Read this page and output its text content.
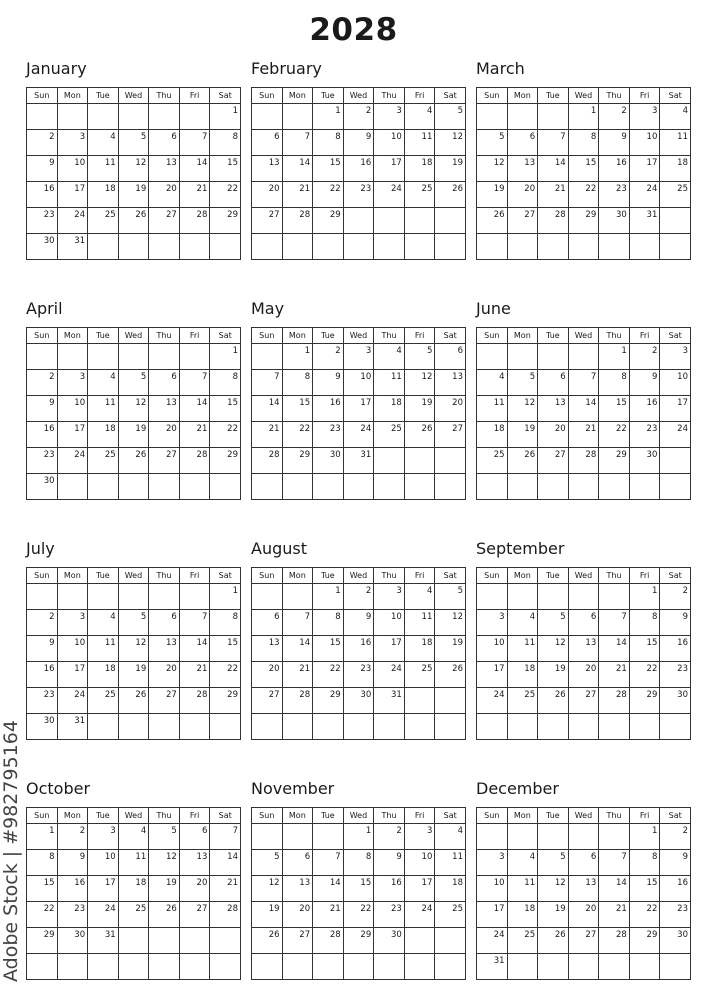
2028
January
Sun	Mon	Tue	Wed	Thu	Fri	Sat
						1
2	3	4	5	6	7	8
9	10	11	12	13	14	15
16	17	18	19	20	21	22
23	24	25	26	27	28	29
30	31					
February
Sun	Mon	Tue	Wed	Thu	Fri	Sat
		1	2	3	4	5
6	7	8	9	10	11	12
13	14	15	16	17	18	19
20	21	22	23	24	25	26
27	28	29				

March
Sun	Mon	Tue	Wed	Thu	Fri	Sat
			1	2	3	4
5	6	7	8	9	10	11
12	13	14	15	16	17	18
19	20	21	22	23	24	25
26	27	28	29	30	31	

April
Sun	Mon	Tue	Wed	Thu	Fri	Sat
						1
2	3	4	5	6	7	8
9	10	11	12	13	14	15
16	17	18	19	20	21	22
23	24	25	26	27	28	29
30						
May
Sun	Mon	Tue	Wed	Thu	Fri	Sat
	1	2	3	4	5	6
7	8	9	10	11	12	13
14	15	16	17	18	19	20
21	22	23	24	25	26	27
28	29	30	31			

June
Sun	Mon	Tue	Wed	Thu	Fri	Sat
				1	2	3
4	5	6	7	8	9	10
11	12	13	14	15	16	17
18	19	20	21	22	23	24
25	26	27	28	29	30	

July
Sun	Mon	Tue	Wed	Thu	Fri	Sat
						1
2	3	4	5	6	7	8
9	10	11	12	13	14	15
16	17	18	19	20	21	22
23	24	25	26	27	28	29
30	31					
August
Sun	Mon	Tue	Wed	Thu	Fri	Sat
		1	2	3	4	5
6	7	8	9	10	11	12
13	14	15	16	17	18	19
20	21	22	23	24	25	26
27	28	29	30	31		

September
Sun	Mon	Tue	Wed	Thu	Fri	Sat
					1	2
3	4	5	6	7	8	9
10	11	12	13	14	15	16
17	18	19	20	21	22	23
24	25	26	27	28	29	30

October
Sun	Mon	Tue	Wed	Thu	Fri	Sat
1	2	3	4	5	6	7
8	9	10	11	12	13	14
15	16	17	18	19	20	21
22	23	24	25	26	27	28
29	30	31				

November
Sun	Mon	Tue	Wed	Thu	Fri	Sat
			1	2	3	4
5	6	7	8	9	10	11
12	13	14	15	16	17	18
19	20	21	22	23	24	25
26	27	28	29	30		

December
Sun	Mon	Tue	Wed	Thu	Fri	Sat
					1	2
3	4	5	6	7	8	9
10	11	12	13	14	15	16
17	18	19	20	21	22	23
24	25	26	27	28	29	30
31						
Adobe Stock | #982795164
